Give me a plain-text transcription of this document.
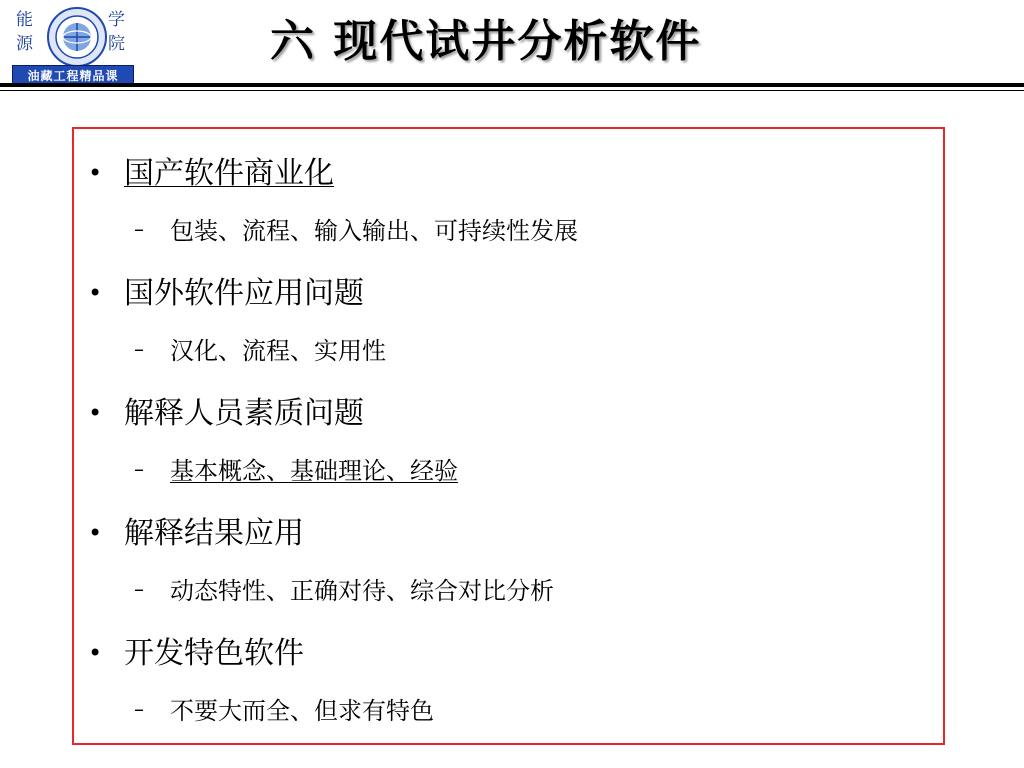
能
源
学
院
油藏工程精品课
六 现代试井分析软件
• 国产软件商业化
– 包装、流程、输入输出、可持续性发展
• 国外软件应用问题
– 汉化、流程、实用性
• 解释人员素质问题
– 基本概念、基础理论、经验
• 解释结果应用
– 动态特性、正确对待、综合对比分析
• 开发特色软件
– 不要大而全、但求有特色
